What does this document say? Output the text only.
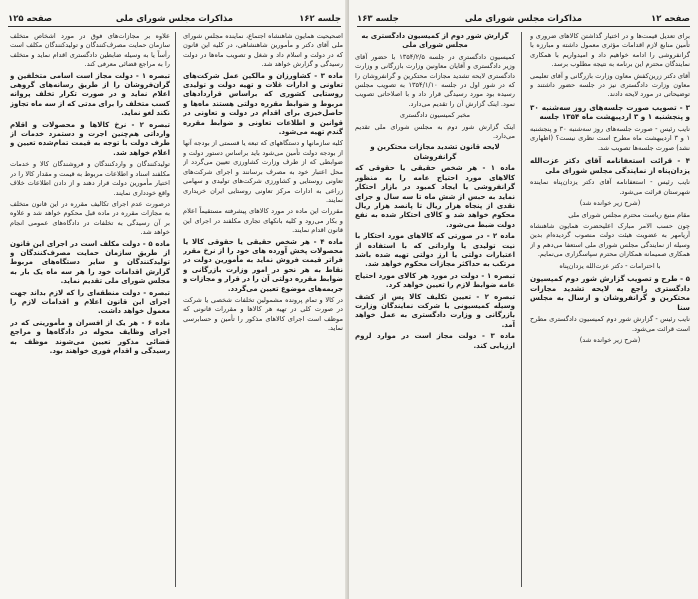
جلسه ۱۶۲
مذاکرات مجلس شورای ملی
صفحه ۱۲۵

اصحیحیت همایون شاهنشاه اجتماع، نماینده مجلس شورای ملی آقای دکتر و مأمورین شاهنشاهی، در کلیه این قانون که در دولت و اسلام داد و شغل و تصویب ماه‌ها در دولت رسیدگی و گزارش خواهد شد.

ماده ۳ - کشاورزان و مالکین عمل شرکت‌های تعاونی و ادارات غلات و تهیه دولت و تولیدی روستایی کشوری که براساس قراردادهای مربوط و ضوابط مقرره دولتی هستند ماه‌ها و حاصل‌خیزی برای اقدام در دولت و تعاونی در قوانین و اطلاعات تعاونی و ضوابط مقرره گندم تهیه می‌شود.

کلیه سازمانها و دستگاههای که تبعه یا قسمتی از بودجه آنها از بودجه دولت تأمین می‌شود باید براساس دستور دولت و ضوابطی که از طرف وزارت کشاورزی تعیین می‌گردد از محل اعتبار خود به مصرف برسانند و اجرای شرکت‌های تعاونی روستایی و کشاورزی شرکت‌های تولیدی و سهامی زراعی به ادارات مرکز تعاونی روستایی ایران خریداری نمایند.

مقررات این ماده در مورد کالاهای پیشرفته مستقیماً اعلام و بکار می‌رود و کلیه بانکهای تجاری مکلفند در اجرای این قانون اقدام نمایند.

ماده ۴ - هر شخص حقیقی یا حقوقی کالا یا محصولات پخش آورده های خود را از نرخ مقرر فراتر قیمت فروش نماید به مأمورین دولت در نقاط به هر نحو در امور وزارت بازرگانی و ضوابط مقرره دولتی آن را در قرار و مجازات و جریمه‌های موضوع تعیین می‌گردد.

در کالا و تمام پرونده مشمولین تخلفات شخصی یا شرکت در صورت کلی در تهیه هر کالاها و مقررات قانونی که موظف است اجرای کالاهای مذکور را تأمین و حسابرسی نماید.

علاوه بر مجازات‌های فوق در مورد اشخاص متخلف سازمان حمایت مصرف‌کنندگان و تولیدکنندگان مکلف است رأساً یا به وسیله ضابطین دادگستری اقدام نماید و متخلف را به مراجع قضائی معرفی کند.

تبصره ۱ - دولت مجاز است اسامی متخلفین و گران‌فروشان را از طریق رسانه‌های گروهی اعلام نماید و در صورت تکرار تخلف پروانه کسب متخلف را برای مدتی که از سه ماه تجاوز نکند لغو نماید.

تبصره ۲ - نرخ کالاها و محصولات و اقلام وارداتی هم‌چنین اجرت و دستمزد خدمات از طرف دولت با توجه به قیمت تمام‌شده تعیین و اعلام خواهد شد.

تولیدکنندگان و واردکنندگان و فروشندگان کالا و خدمات مکلفند اسناد و اطلاعات مربوط به قیمت و مقدار کالا را در اختیار مأمورین دولت قرار دهند و از دادن اطلاعات خلاف واقع خودداری نمایند.

درصورت عدم اجرای تکالیف مقرره در این قانون متخلف به مجازات مقرره در ماده قبل محکوم خواهد شد و علاوه بر آن رسیدگی به تخلفات در دادگاه‌های عمومی انجام خواهد شد.

ماده ۵ - دولت مکلف است در اجرای این قانون از طریق سازمان حمایت مصرف‌کنندگان و تولیدکنندگان و سایر دستگاه‌های مربوط گزارش اقدامات خود را هر سه ماه یک بار به مجلس شورای ملی تقدیم نماید.

تبصره - دولت منطقه‌ای را که لازم بداند جهت اجرای این قانون اعلام و اقدامات لازم را معمول خواهد داشت.

ماده ۶ - هر یک از افسران و مأمورینی که در اجرای وظایف محوله در دادگاه‌ها و مراجع قضائی مذکور تعیین می‌شوند موظف به رسیدگی و اقدام فوری خواهند بود.

صفحه ۱۲
مذاکرات مجلس شورای ملی
جلسه ۱۶۳

برای تعدیل قیمت‌ها و در اختیار گذاشتن کالاهای ضروری و تأمین منابع لازم اقدامات مؤثری معمول داشته و مبارزه با گرانفروشی را ادامه خواهیم داد و امیدواریم با همکاری نمایندگان محترم این برنامه به نتیجه مطلوب برسد.

آقای دکتر زرین‌کفش معاون وزارت بازرگانی و آقای تعلیمی معاون وزارت دادگستری نیز در جلسه حضور داشتند و توضیحاتی در مورد لایحه دادند.

۳ - تصویب صورت جلسه‌های روز سه‌شنبه ۳۰ و پنجشنبه ۱ و ۳ اردیبهشت ماه ۱۳۵۴ جلسه

نایب رئیس - صورت جلسه‌های روز سه‌شنبه ۳۰ و پنجشنبه ۱ و ۳ اردیبهشت ماه مطرح است نظری نیست؟ (اظهاری نشد) صورت جلسه‌ها تصویب شد.

۴ - قرائت استعفانامه آقای دکتر عزت‌الله یزدان‌پناه از نمایندگی مجلس شورای ملی

نایب رئیس - استعفانامه آقای دکتر یزدان‌پناه نماینده شهرستان قرائت می‌شود.

(شرح زیر خوانده شد)

مقام منیع ریاست محترم مجلس شورای ملی

چون حسب الامر مبارک اعلیحضرت همایون شاهنشاه آریامهر به عضویت هیئت دولت منصوب گردیده‌ام بدین وسیله از نمایندگی مجلس شورای ملی استعفا می‌دهم و از همکاری صمیمانه همکاران محترم سپاسگزاری می‌نمایم.

با احترامات - دکتر عزت‌الله یزدان‌پناه

۵ - طرح و تصویب گزارش شور دوم کمیسیون دادگستری راجع به لایحه تشدید مجازات محتکرین و گرانفروشان و ارسال به مجلس سنا

نایب رئیس - گزارش شور دوم کمیسیون دادگستری مطرح است قرائت می‌شود.

(شرح زیر خوانده شد)

گزارش شور دوم از کمیسیون دادگستری به مجلس شورای ملی

کمیسیون دادگستری در جلسه ۱۳۵۴/۲/۵ با حضور آقای وزیر دادگستری و آقایان معاونین وزارت بازرگانی و وزارت دادگستری لایحه تشدید مجازات محتکرین و گرانفروشان را که در شور اول در جلسه ۱۳۵۴/۱/۱۰ به تصویب مجلس رسیده بود مورد رسیدگی قرار داد و با اصلاحاتی تصویب نمود. اینک گزارش آن را تقدیم می‌دارد.

مخبر کمیسیون دادگستری

اینک گزارش شور دوم به مجلس شورای ملی تقدیم می‌دارد.

لایحه قانون تشدید مجازات محتکرین و گرانفروشان

ماده ۱ - هر شخص حقیقی یا حقوقی که کالاهای مورد احتیاج عامه را به منظور گرانفروشی یا ایجاد کمبود در بازار احتکار نماید به حبس از شش ماه تا سه سال و جزای نقدی از پنجاه هزار ریال تا پانصد هزار ریال محکوم خواهد شد و کالای احتکار شده به نفع دولت ضبط می‌شود.

ماده ۲ - در صورتی که کالاهای مورد احتکار با نیت تولیدی یا وارداتی که با استفاده از اعتبارات دولتی یا ارز دولتی تهیه شده باشد مرتکب به حداکثر مجازات محکوم خواهد شد.

تبصره ۱ - دولت در مورد هر کالای مورد احتیاج عامه ضوابط لازم را تعیین خواهد کرد.

تبصره ۲ - تعیین تکلیف کالا پس از کشف وسیله کمیسیونی با شرکت نمایندگان وزارت بازرگانی و وزارت دادگستری به عمل خواهد آمد.

ماده ۳ - دولت مجاز است در موارد لزوم ارزیابی کند.
